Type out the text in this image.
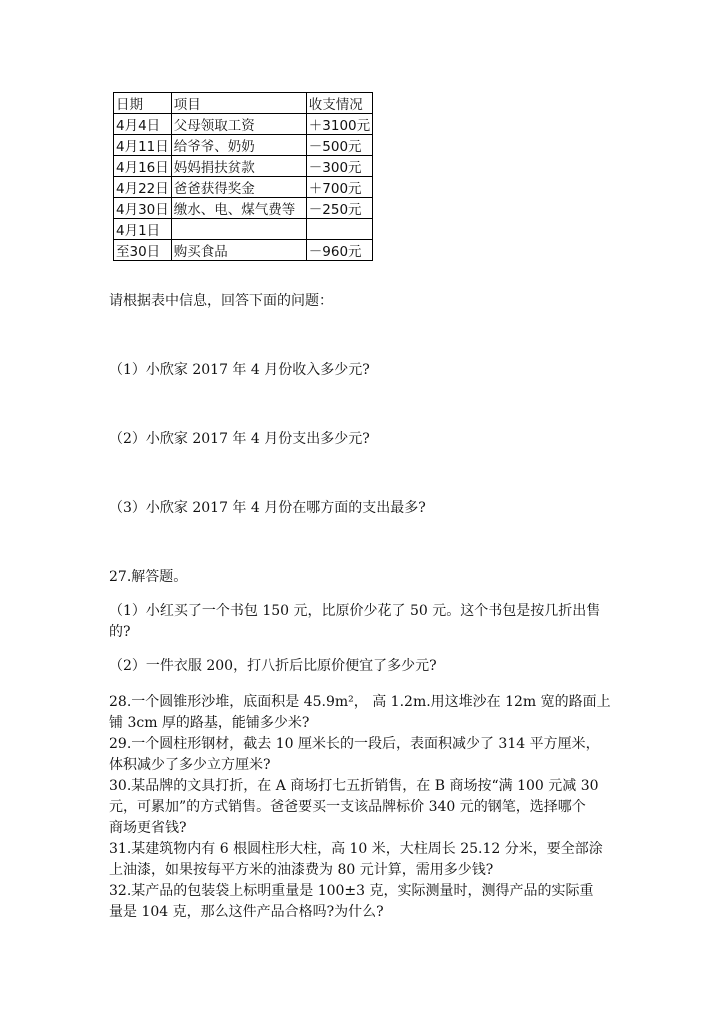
日期	项目	收支情况
4月4日	父母领取工资	＋3100元
4月11日	给爷爷、奶奶	－500元
4月16日	妈妈捐扶贫款	－300元
4月22日	爸爸获得奖金	＋700元
4月30日	缴水、电、煤气费等	－250元
4月1日		
至30日	购买食品	－960元
请根据表中信息，回答下面的问题：
（1）小欣家 2017 年 4 月份收入多少元?
（2）小欣家 2017 年 4 月份支出多少元?
（3）小欣家 2017 年 4 月份在哪方面的支出最多?
27.解答题。
（1）小红买了一个书包 150 元，比原价少花了 50 元。这个书包是按几折出售
的?
（2）一件衣服 200，打八折后比原价便宜了多少元?
28.一个圆锥形沙堆，底面积是 45.9m²， 高 1.2m.用这堆沙在 12m 宽的路面上
铺 3cm 厚的路基，能铺多少米?
29.一个圆柱形钢材，截去 10 厘米长的一段后，表面积减少了 314 平方厘米，
体积减少了多少立方厘米?
30.某品牌的文具打折，在 A 商场打七五折销售，在 B 商场按“满 100 元减 30
元，可累加”的方式销售。爸爸要买一支该品牌标价 340 元的钢笔，选择哪个
商场更省钱?
31.某建筑物内有 6 根圆柱形大柱，高 10 米，大柱周长 25.12 分米，要全部涂
上油漆，如果按每平方米的油漆费为 80 元计算，需用多少钱?
32.某产品的包装袋上标明重量是 100±3 克，实际测量时，测得产品的实际重
量是 104 克，那么这件产品合格吗?为什么?
